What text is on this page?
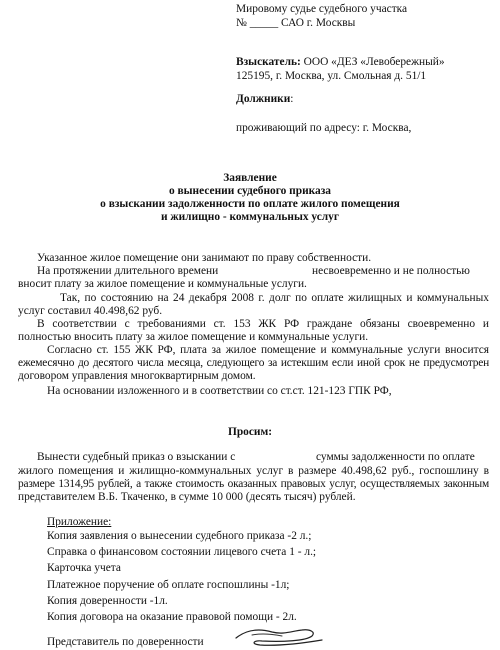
Мировому судье судебного участка
№ _____ САО г. Москвы
Взыскатель: ООО «ДЕЗ «Левобережный»
125195, г. Москва, ул. Смольная д. 51/1
Должники:
проживающий по адресу: г. Москва,
Заявление
о вынесении судебного приказа
о взыскании задолженности по оплате жилого помещения
и жилищно - коммунальных услуг
Указанное жилое помещение они занимают по праву собственности.
На протяжении длительного времени	несвоевременно и не полностью
вносит плату за жилое помещение и коммунальные услуги.
Так, по состоянию на 24 декабря 2008 г. долг по оплате жилищных и коммунальных
услуг составил 40.498,62 руб.
В соответствии с требованиями ст. 153 ЖК РФ граждане обязаны своевременно и
полностью вносить плату за жилое помещение и коммунальные услуги.
Согласно ст. 155 ЖК РФ, плата за жилое помещение и коммунальные услуги вносится
ежемесячно до десятого числа месяца, следующего за истекшим если иной срок не предусмотрен
договором управления многоквартирным домом.
На основании изложенного и в соответствии со ст.ст. 121-123 ГПК РФ,
Просим:
Вынести судебный приказ о взыскании с	суммы задолженности по оплате
жилого помещения и жилищно-коммунальных услуг в размере 40.498,62 руб., госпошлину в
размере 1314,95 рублей, а также стоимость оказанных правовых услуг, осуществляемых законным
представителем В.Б. Ткаченко, в сумме 10 000 (десять тысяч) рублей.
Приложение:
Копия заявления о вынесении судебного приказа -2 л.;
Справка о финансовом состоянии лицевого счета 1 - л.;
Карточка учета
Платежное поручение об оплате госпошлины -1л;
Копия доверенности -1л.
Копия договора на оказание правовой помощи - 2л.
Представитель по доверенности
